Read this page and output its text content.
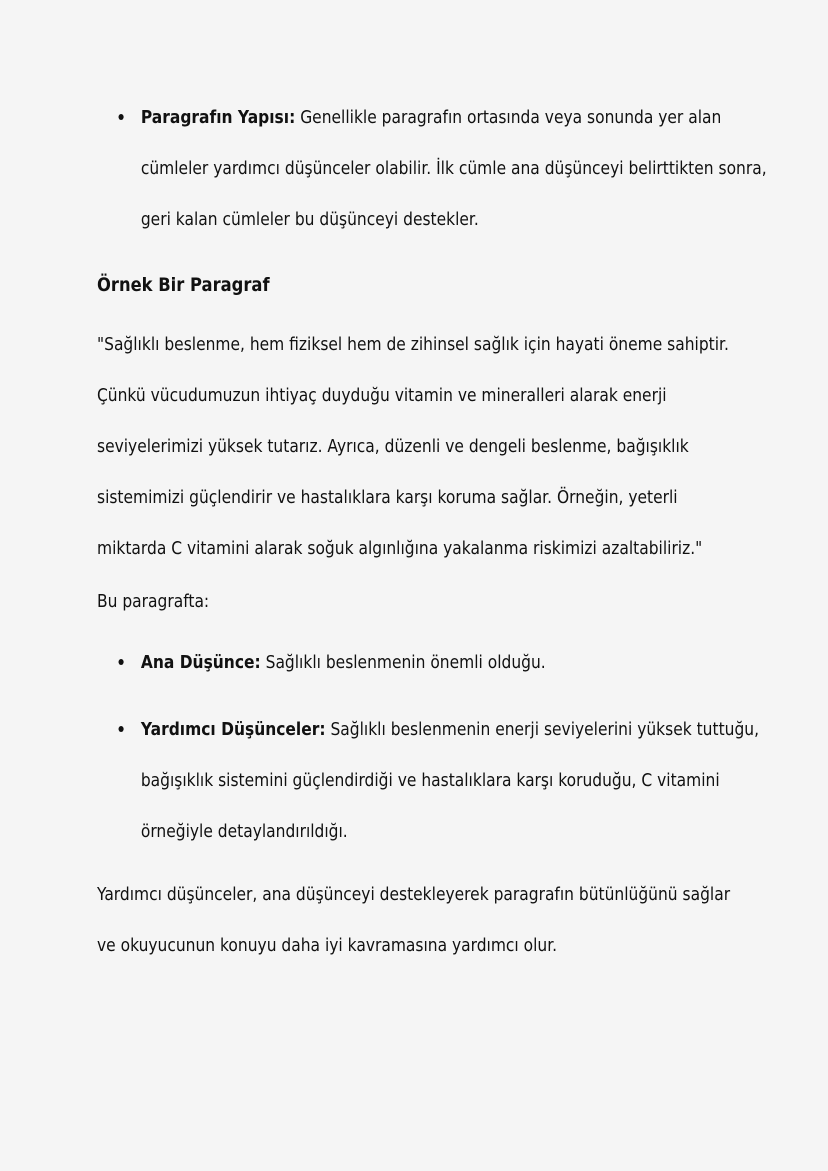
Paragrafın Yapısı: Genellikle paragrafın ortasında veya sonunda yer alan cümleler yardımcı düşünceler olabilir. İlk cümle ana düşünceyi belirttikten sonra, geri kalan cümleler bu düşünceyi destekler.
Örnek Bir Paragraf

"Sağlıklı beslenme, hem fiziksel hem de zihinsel sağlık için hayati öneme sahiptir. Çünkü vücudumuzun ihtiyaç duyduğu vitamin ve mineralleri alarak enerji seviyelerimizi yüksek tutarız. Ayrıca, düzenli ve dengeli beslenme, bağışıklık sistemimizi güçlendirir ve hastalıklara karşı koruma sağlar. Örneğin, yeterli miktarda C vitamini alarak soğuk algınlığına yakalanma riskimizi azaltabiliriz."

Bu paragrafta:

Ana Düşünce: Sağlıklı beslenmenin önemli olduğu.
Yardımcı Düşünceler: Sağlıklı beslenmenin enerji seviyelerini yüksek tuttuğu, bağışıklık sistemini güçlendirdiği ve hastalıklara karşı koruduğu, C vitamini örneğiyle detaylandırıldığı.

Yardımcı düşünceler, ana düşünceyi destekleyerek paragrafın bütünlüğünü sağlar ve okuyucunun konuyu daha iyi kavramasına yardımcı olur.
